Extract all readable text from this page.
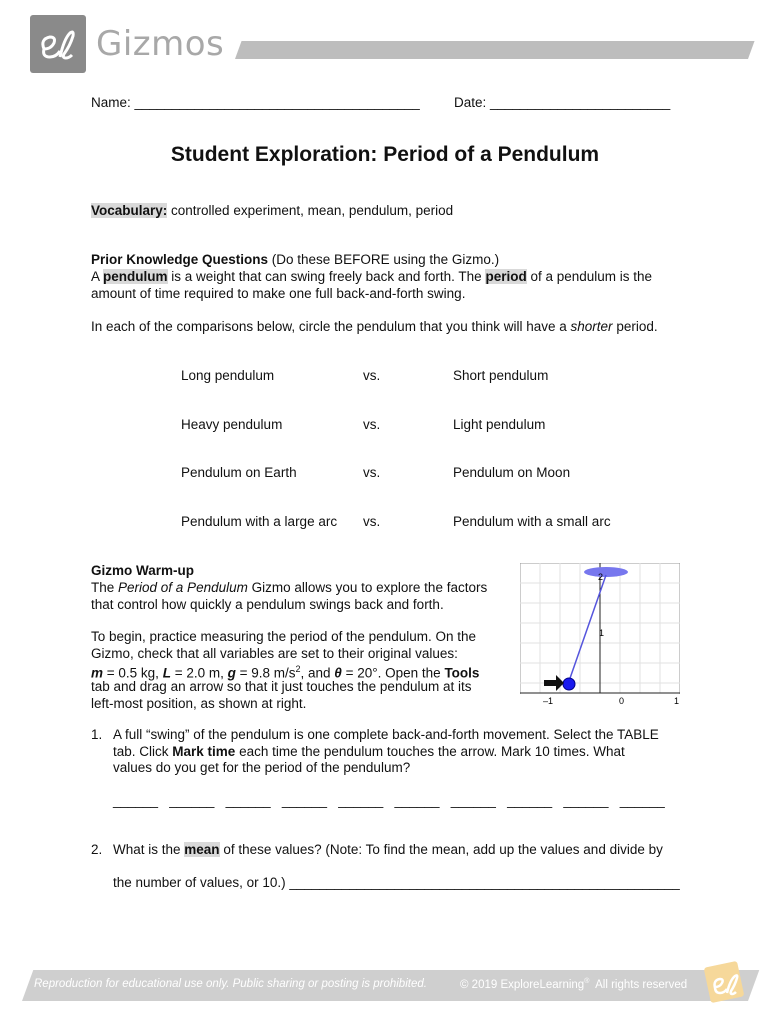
Gizmos
Name: ______________________________________	Date: ________________________
Student Exploration: Period of a Pendulum
Vocabulary: controlled experiment, mean, pendulum, period
Prior Knowledge Questions (Do these BEFORE using the Gizmo.)
A pendulum is a weight that can swing freely back and forth. The period of a pendulum is the
amount of time required to make one full back-and-forth swing.
In each of the comparisons below, circle the pendulum that you think will have a shorter period.
Long pendulum	vs.	Short pendulum
Heavy pendulum	vs.	Light pendulum
Pendulum on Earth	vs.	Pendulum on Moon
Pendulum with a large arc vs.	Pendulum with a small arc
Gizmo Warm-up
The Period of a Pendulum Gizmo allows you to explore the factors
that control how quickly a pendulum swings back and forth.
To begin, practice measuring the period of the pendulum. On the
Gizmo, check that all variables are set to their original values:
m = 0.5 kg, L = 2.0 m, g = 9.8 $m/s^2$, and θ = 20°. Open the Tools
tab and drag an arrow so that it just touches the pendulum at its
left-most position, as shown at right.
2
1
–1	0	1
1. A full “swing” of the pendulum is one complete back-and-forth movement. Select the TABLE
tab. Click Mark time each time the pendulum touches the arrow. Mark 10 times. What
values do you get for the period of the pendulum?
______   ______   ______   ______   ______   ______   ______   ______   ______   ______
2. What is the mean of these values? (Note: To find the mean, add up the values and divide by
the number of values, or 10.) ____________________________________________________
Reproduction for educational use only. Public sharing or posting is prohibited.	© 2019 ExploreLearning®  All rights reserved
